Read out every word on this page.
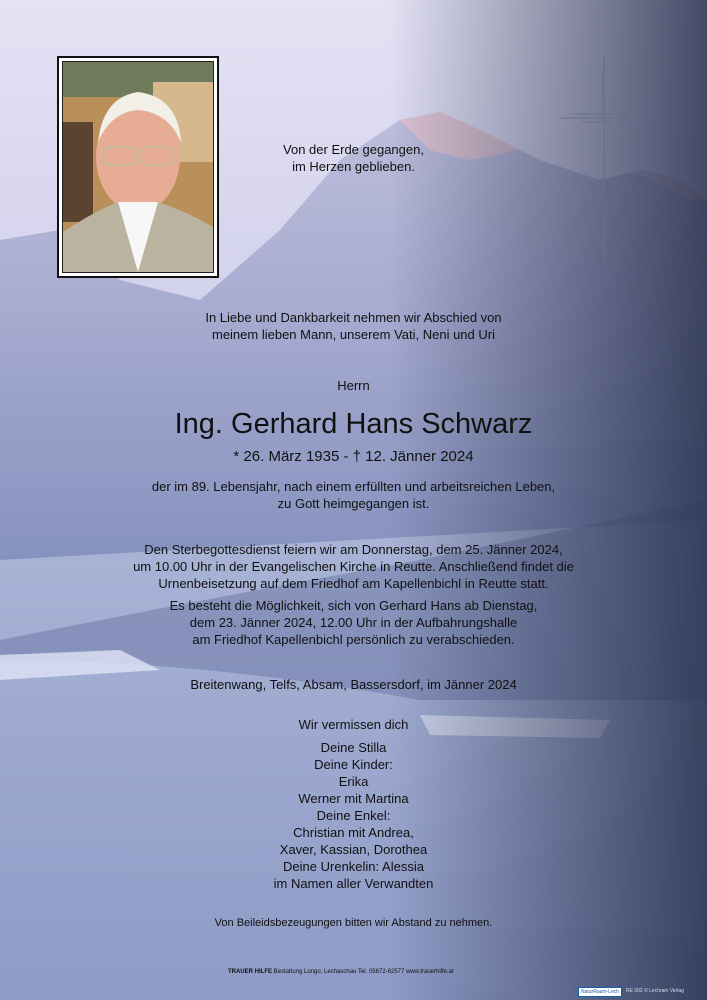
Von der Erde gegangen,
im Herzen geblieben.
In Liebe und Dankbarkeit nehmen wir Abschied von
meinem lieben Mann, unserem Vati, Neni und Uri
Herrn
Ing. Gerhard Hans Schwarz
* 26. März 1935 - † 12. Jänner 2024
der im 89. Lebensjahr, nach einem erfüllten und arbeitsreichen Leben,
zu Gott heimgegangen ist.
Den Sterbegottesdienst feiern wir am Donnerstag, dem 25. Jänner 2024,
um 10.00 Uhr in der Evangelischen Kirche in Reutte. Anschließend findet die
Urnenbeisetzung auf dem Friedhof am Kapellenbichl in Reutte statt.
Es besteht die Möglichkeit, sich von Gerhard Hans ab Dienstag,
dem 23. Jänner 2024, 12.00 Uhr in der Aufbahrungshalle
am Friedhof Kapellenbichl persönlich zu verabschieden.
Breitenwang, Telfs, Absam, Bassersdorf, im Jänner 2024
Wir vermissen dich
Deine Stilla
Deine Kinder:
Erika
Werner mit Martina
Deine Enkel:
Christian mit Andrea,
Xaver, Kassian, Dorothea
Deine Urenkelin: Alessia
im Namen aller Verwandten
Von Beileidsbezeugungen bitten wir Abstand zu nehmen.
TRAUER HILFE Bestattung Longo, Lechaschau Tel. 05672-62577 www.trauerhilfe.at
NaturRaum-Lech	RE 002 © Lechrain Verlag
